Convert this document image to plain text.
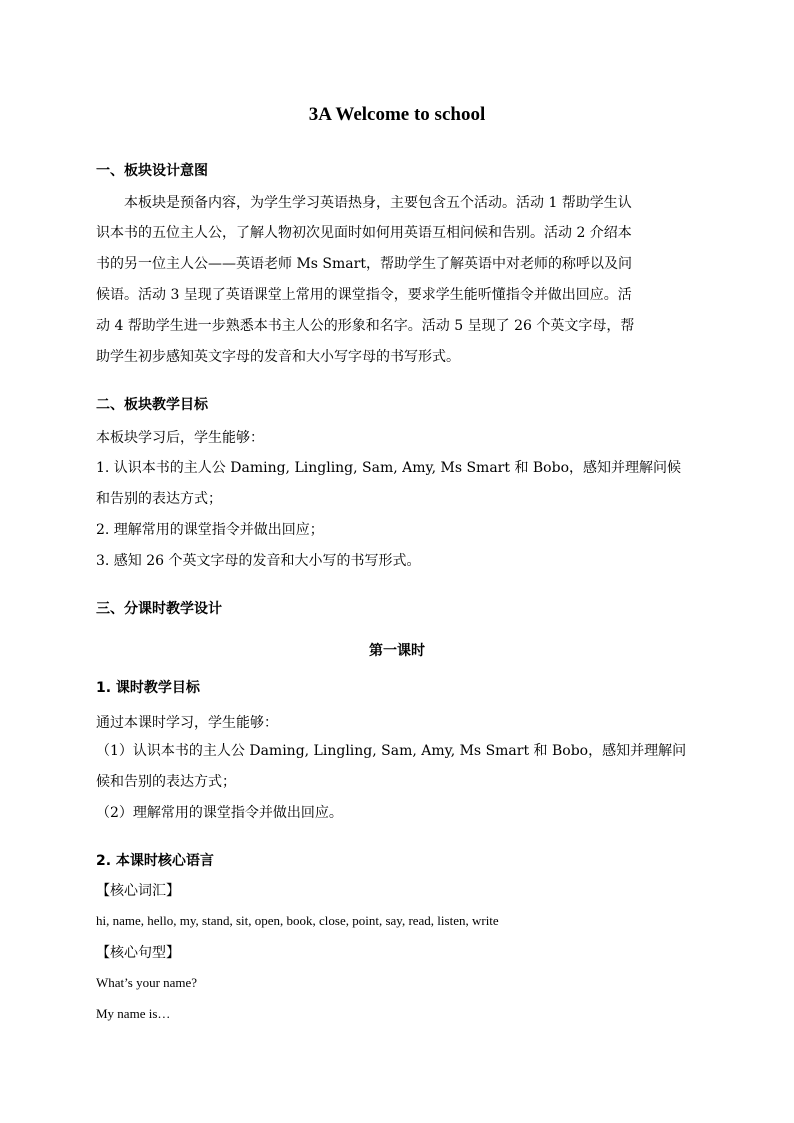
3A Welcome to school
一、板块设计意图
本板块是预备内容，为学生学习英语热身，主要包含五个活动。活动 1 帮助学生认
识本书的五位主人公，了解人物初次见面时如何用英语互相问候和告别。活动 2 介绍本
书的另一位主人公——英语老师 Ms Smart，帮助学生了解英语中对老师的称呼以及问
候语。活动 3 呈现了英语课堂上常用的课堂指令，要求学生能听懂指令并做出回应。活
动 4 帮助学生进一步熟悉本书主人公的形象和名字。活动 5 呈现了 26 个英文字母，帮
助学生初步感知英文字母的发音和大小写字母的书写形式。
二、板块教学目标
本板块学习后，学生能够：
1. 认识本书的主人公 Daming, Lingling, Sam, Amy, Ms Smart 和 Bobo，感知并理解问候
和告别的表达方式；
2. 理解常用的课堂指令并做出回应；
3. 感知 26 个英文字母的发音和大小写的书写形式。
三、分课时教学设计
第一课时
1. 课时教学目标
通过本课时学习，学生能够：
（1）认识本书的主人公 Daming, Lingling, Sam, Amy, Ms Smart 和 Bobo，感知并理解问
候和告别的表达方式；
（2）理解常用的课堂指令并做出回应。
2. 本课时核心语言
【核心词汇】
hi, name, hello, my, stand, sit, open, book, close, point, say, read, listen, write
【核心句型】
What’s your name?
My name is…
